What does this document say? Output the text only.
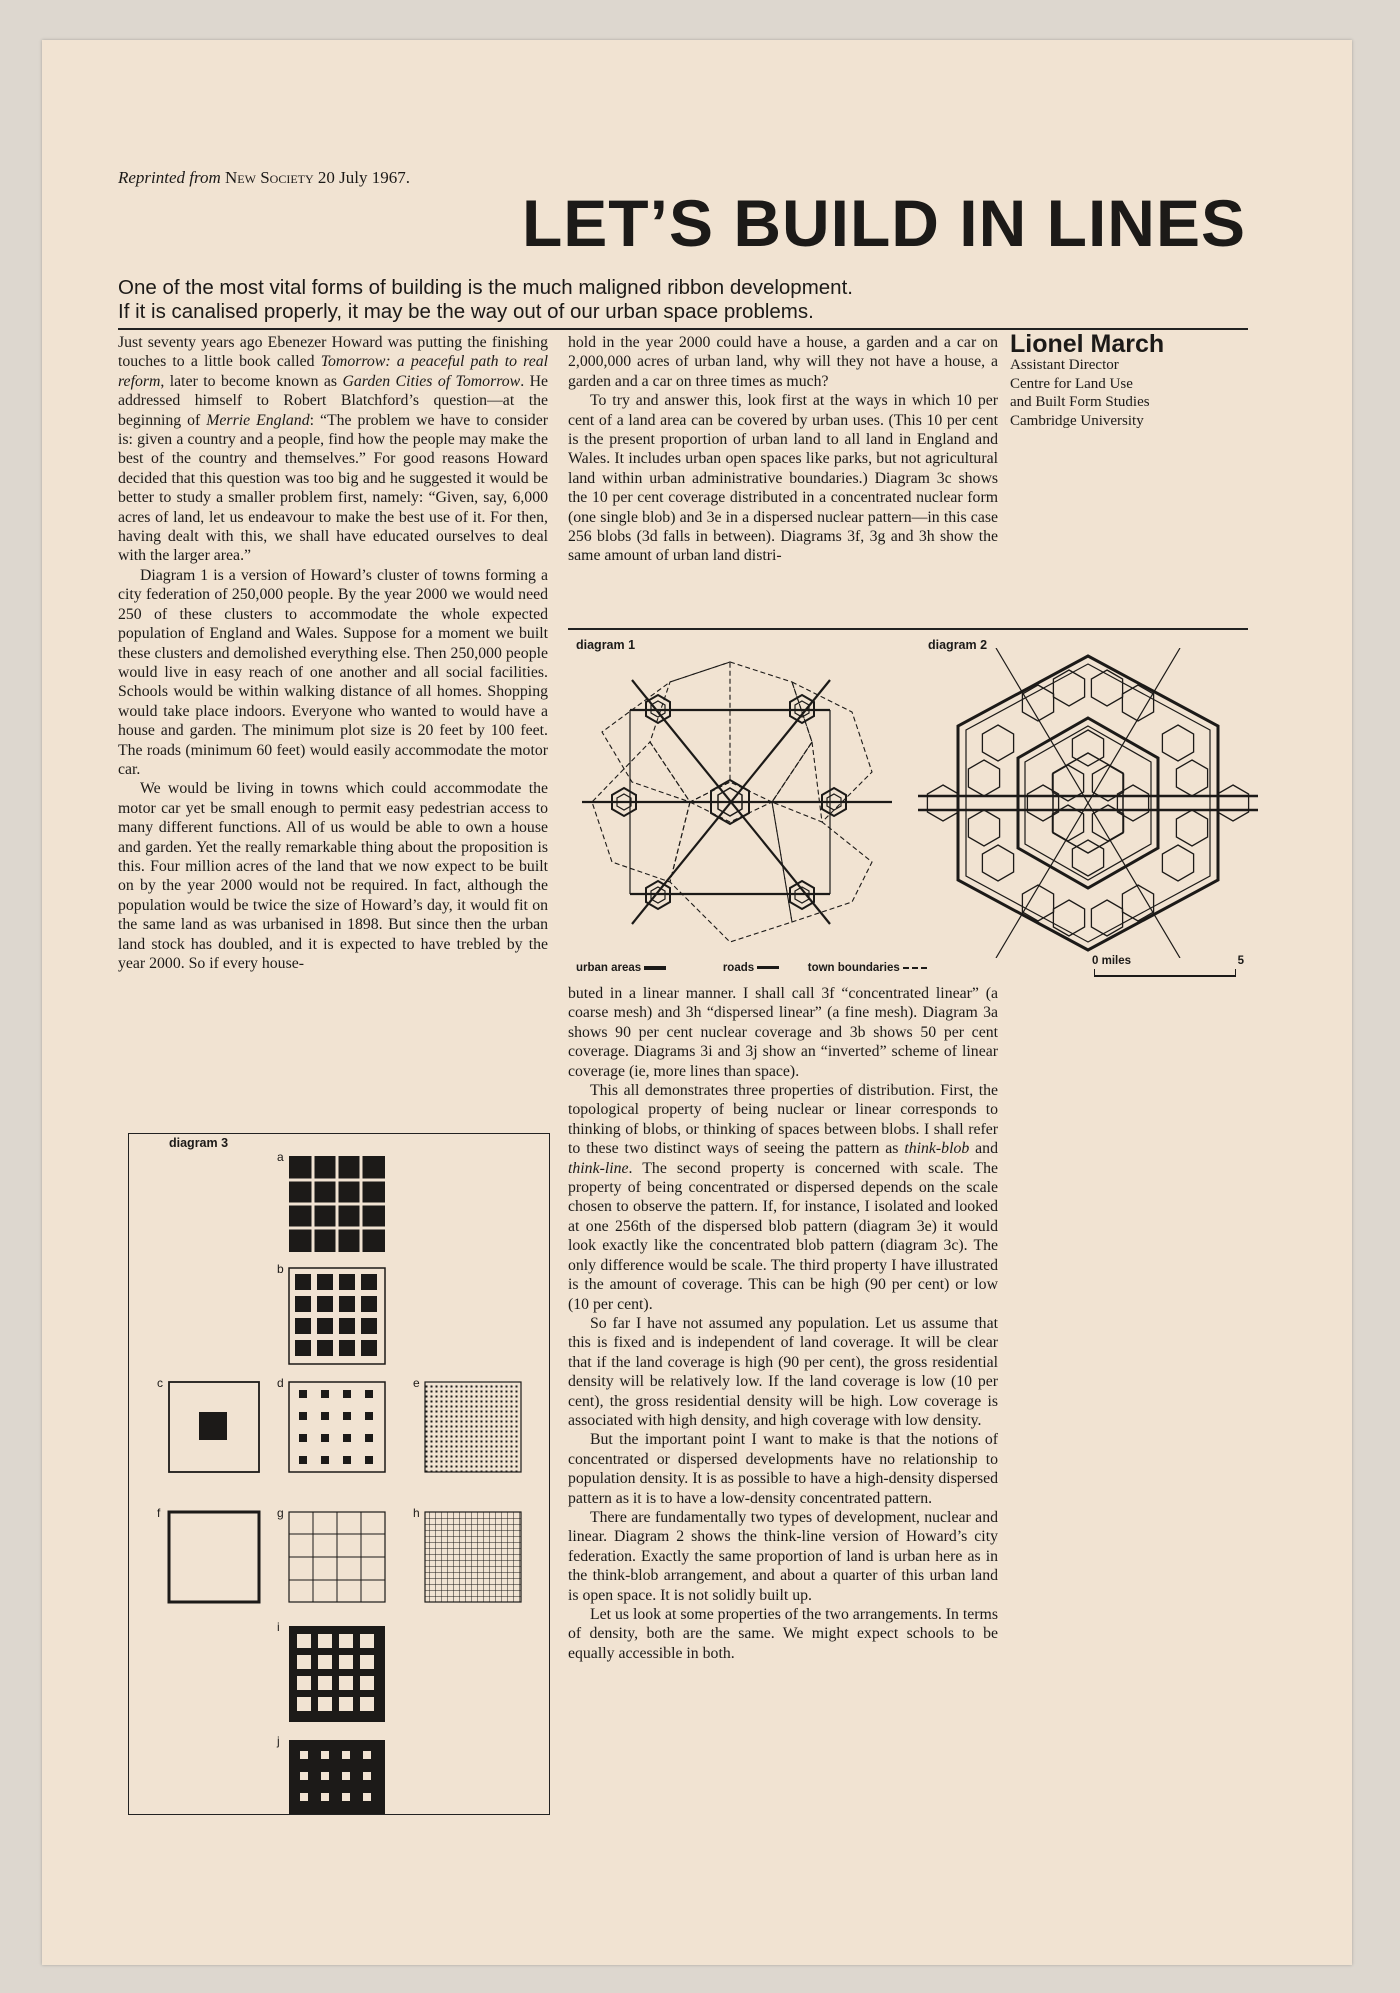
Reprinted from New Society 20 July 1967.
LET’S BUILD IN LINES
One of the most vital forms of building is the much maligned ribbon development.
If it is canalised properly, it may be the way out of our urban space problems.
Lionel March
Assistant Director
Centre for Land Use
and Built Form Studies
Cambridge University

Just seventy years ago Ebenezer Howard was putting the finishing touches to a little book called Tomorrow: a peaceful path to real reform, later to become known as Garden Cities of Tomorrow. He addressed himself to Robert Blatchford’s question—at the beginning of Merrie England: “The problem we have to consider is: given a country and a people, find how the people may make the best of the country and themselves.” For good reasons Howard decided that this question was too big and he suggested it would be better to study a smaller problem first, namely: “Given, say, 6,000 acres of land, let us endeavour to make the best use of it. For then, having dealt with this, we shall have educated ourselves to deal with the larger area.”

Diagram 1 is a version of Howard’s cluster of towns forming a city federation of 250,000 people. By the year 2000 we would need 250 of these clusters to accommodate the whole expected population of England and Wales. Suppose for a moment we built these clusters and demolished everything else. Then 250,000 people would live in easy reach of one another and all social facilities. Schools would be within walking distance of all homes. Shopping would take place indoors. Everyone who wanted to would have a house and garden. The minimum plot size is 20 feet by 100 feet. The roads (minimum 60 feet) would easily accommodate the motor car.

We would be living in towns which could accommodate the motor car yet be small enough to permit easy pedestrian access to many different functions. All of us would be able to own a house and garden. Yet the really remarkable thing about the proposition is this. Four million acres of the land that we now expect to be built on by the year 2000 would not be required. In fact, although the population would be twice the size of Howard’s day, it would fit on the same land as was urbanised in 1898. But since then the urban land stock has doubled, and it is expected to have trebled by the year 2000. So if every house-

hold in the year 2000 could have a house, a garden and a car on 2,000,000 acres of urban land, why will they not have a house, a garden and a car on three times as much?

To try and answer this, look first at the ways in which 10 per cent of a land area can be covered by urban uses. (This 10 per cent is the present proportion of urban land to all land in England and Wales. It includes urban open spaces like parks, but not agricultural land within urban administrative boundaries.) Diagram 3c shows the 10 per cent coverage distributed in a concentrated nuclear form (one single blob) and 3e in a dispersed nuclear pattern—in this case 256 blobs (3d falls in between). Diagrams 3f, 3g and 3h show the same amount of urban land distri-

diagram 1	diagram 2
urban areas	roads	town boundaries
0 miles	5

buted in a linear manner. I shall call 3f “concentrated linear” (a coarse mesh) and 3h “dispersed linear” (a fine mesh). Diagram 3a shows 90 per cent nuclear coverage and 3b shows 50 per cent coverage. Diagrams 3i and 3j show an “inverted” scheme of linear coverage (ie, more lines than space).

This all demonstrates three properties of distribution. First, the topological property of being nuclear or linear corresponds to thinking of blobs, or thinking of spaces between blobs. I shall refer to these two distinct ways of seeing the pattern as think-blob and think-line. The second property is concerned with scale. The property of being concentrated or dispersed depends on the scale chosen to observe the pattern. If, for instance, I isolated and looked at one 256th of the dispersed blob pattern (diagram 3e) it would look exactly like the concentrated blob pattern (diagram 3c). The only difference would be scale. The third property I have illustrated is the amount of coverage. This can be high (90 per cent) or low (10 per cent).

So far I have not assumed any population. Let us assume that this is fixed and is independent of land coverage. It will be clear that if the land coverage is high (90 per cent), the gross residential density will be relatively low. If the land coverage is low (10 per cent), the gross residential density will be high. Low coverage is associated with high density, and high coverage with low density.

But the important point I want to make is that the notions of concentrated or dispersed developments have no relationship to population density. It is as possible to have a high-density dispersed pattern as it is to have a low-density concentrated pattern.

There are fundamentally two types of development, nuclear and linear. Diagram 2 shows the think-line version of Howard’s city federation. Exactly the same proportion of land is urban here as in the think-blob arrangement, and about a quarter of this urban land is open space. It is not solidly built up.

Let us look at some properties of the two arrangements. In terms of density, both are the same. We might expect schools to be equally accessible in both.

diagram 3
a
b
c	d	e
f	g	h
i
j
